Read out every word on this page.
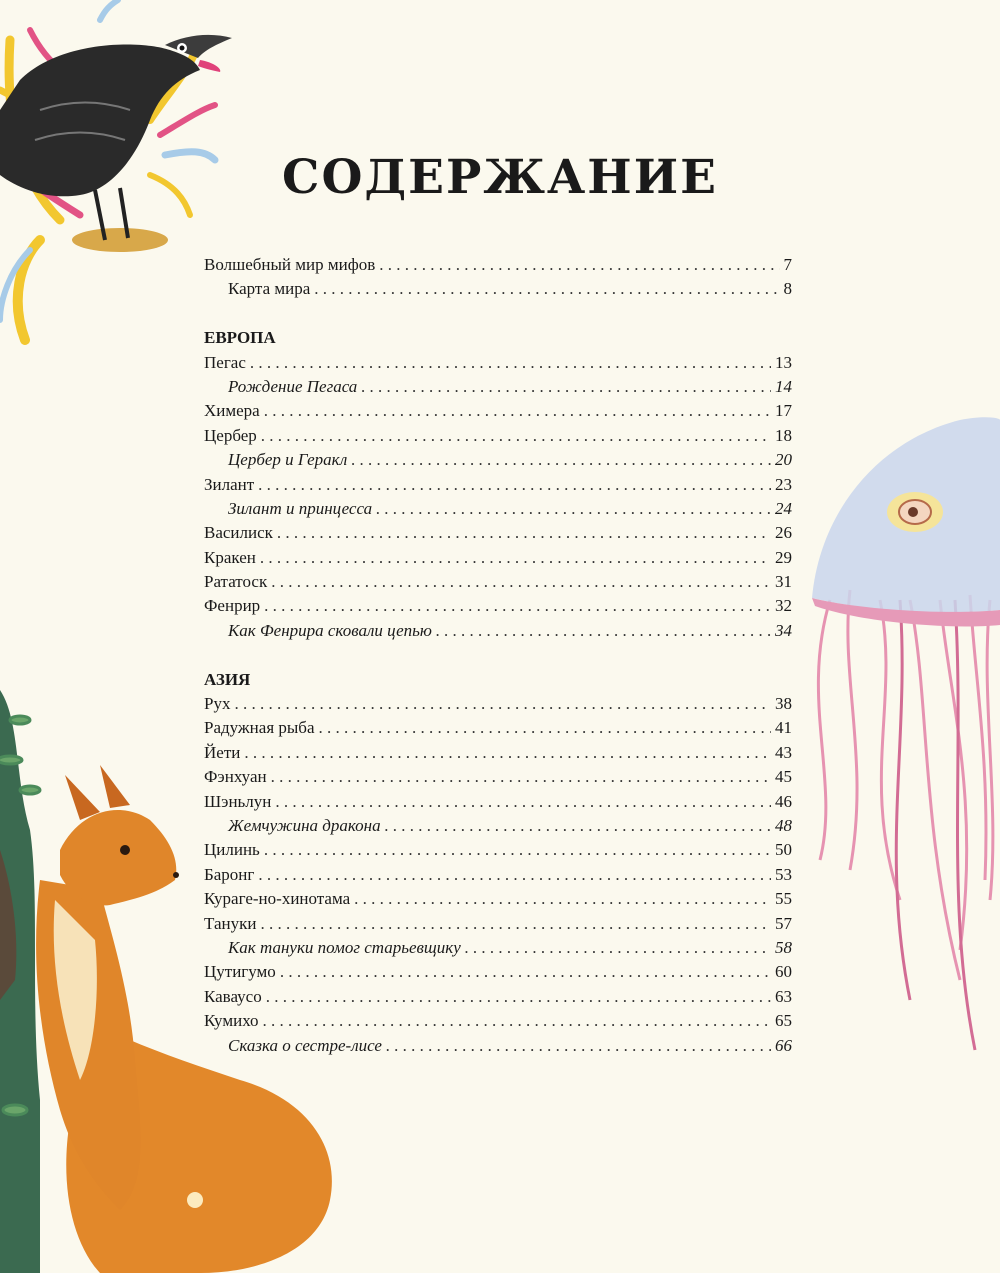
СОДЕРЖАНИЕ
Волшебный мир мифов . . .	7
Карта мира . . .	8
ЕВРОПА
Пегас . . .	13
Рождение Пегаса . . .	14
Химера . . .	17
Цербер . . .	18
Цербер и Геракл . . .	20
Зилант . . .	23
Зилант и принцесса . . .	24
Василиск . . .	26
Кракен . . .	29
Рататоск . . .	31
Фенрир . . .	32
Как Фенрира сковали цепью . . .	34
АЗИЯ
Рух . . .	38
Радужная рыба . . .	41
Йети . . .	43
Фэнхуан . . .	45
Шэньлун . . .	46
Жемчужина дракона . . .	48
Цилинь . . .	50
Баронг . . .	53
Кураге-но-хинотама . . .	55
Тануки . . .	57
Как тануки помог старьевщику . . .	58
Цутигумо . . .	60
Каваусо . . .	63
Кумихо . . .	65
Сказка о сестре-лисе . . .	66
